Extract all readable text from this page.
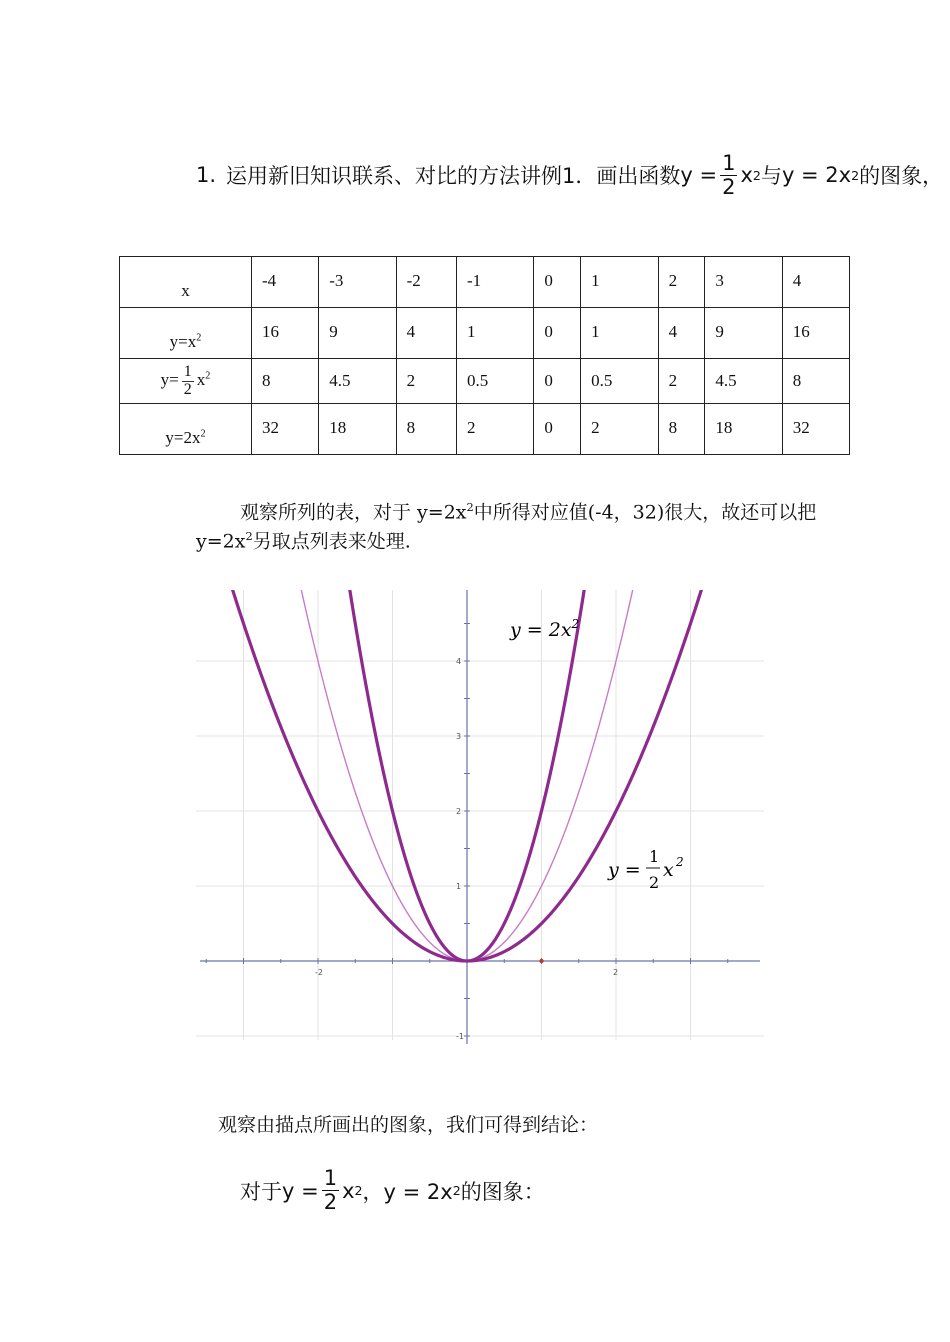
1. 运用新旧知识联系、对比的方法讲例1．画出函数 $y = \frac{1}{2}$ x 2 与 y = 2x 2 的图象，
x	-4	-3	-2	-1	0	1	2	3	4
$y=x^2$	16	9	4	1	0	1	4	9	16
$y= \frac{1}{2} x^2$	8	4.5	2	0.5	0	0.5	2	4.5	8
$y=2x^2$	32	18	8	2	0	2	8	18	32
观察所列的表，对于 $y=2x^2$中所得对应值(-4，32)很大，故还可以把
$y=2x^2$另取点列表来处理.
-2	2
4
3
2
1
-1
$y = 2x^2$
y =
1
2
x 2
观察由描点所画出的图象，我们可得到结论：
对于 $y = \frac{1}{2}$ x 2 ，y = 2x 2 的图象：
